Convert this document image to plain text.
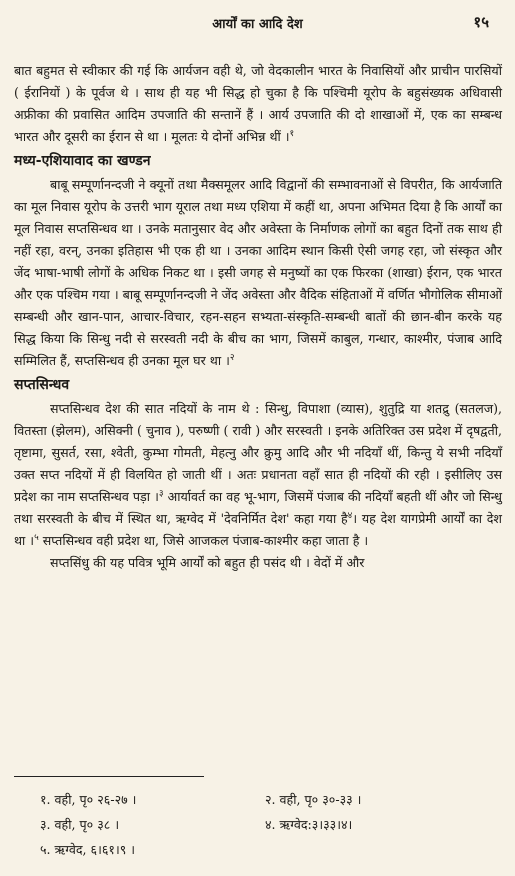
आर्यों का आदि देश	१५

बात बहुमत से स्वीकार की गई कि आर्यजन वही थे, जो वेदकालीन भारत के निवासियों और प्राचीन पारसियों ( ईरानियों ) के पूर्वज थे । साथ ही यह भी सिद्ध हो चुका है कि पश्चिमी यूरोप के बहुसंख्यक अधिवासी अफ्रीका की प्रवासित आदिम उपजाति की सन्तानें हैं । आर्य उपजाति की दो शाखाओं में, एक का सम्बन्ध भारत और दूसरी का ईरान से था । मूलतः ये दोनों अभिन्न थीं ।$^१$

मध्य-एशियावाद का खण्डन

बाबू सम्पूर्णानन्दजी ने क्यूनों तथा मैक्समूलर आदि विद्वानों की सम्भावनाओं से विपरीत, कि आर्यजाति का मूल निवास यूरोप के उत्तरी भाग यूराल तथा मध्य एशिया में कहीं था, अपना अभिमत दिया है कि आर्यों का मूल निवास सप्तसिन्धव था । उनके मतानुसार वेद और अवेस्ता के निर्माणक लोगों का बहुत दिनों तक साथ ही नहीं रहा, वरन्, उनका इतिहास भी एक ही था । उनका आदिम स्थान किसी ऐसी जगह रहा, जो संस्कृत और जेंद भाषा-भाषी लोगों के अधिक निकट था । इसी जगह से मनुष्यों का एक फिरका (शाखा) ईरान, एक भारत और एक पश्चिम गया । बाबू सम्पूर्णानन्दजी ने जेंद अवेस्ता और वैदिक संहिताओं में वर्णित भौगोलिक सीमाओं सम्बन्धी और खान-पान, आचार-विचार, रहन-सहन सभ्यता-संस्कृति-सम्बन्धी बातों की छान-बीन करके यह सिद्ध किया कि सिन्धु नदी से सरस्वती नदी के बीच का भाग, जिसमें काबुल, गन्धार, काश्मीर, पंजाब आदि सम्मिलित हैं, सप्तसिन्धव ही उनका मूल घर था ।$^२$

सप्तसिन्धव

सप्तसिन्धव देश की सात नदियों के नाम थे : सिन्धु, विपाशा (व्यास), शुतुद्रि या शतद्रु (सतलज), वितस्ता (झेलम), असिक्नी ( चुनाव ), परुष्णी ( रावी ) और सरस्वती । इनके अतिरिक्त उस प्रदेश में दृषद्वती, तृष्टामा, सुसर्त, रसा, श्वेती, कुम्भा गोमती, मेहत्नु और क्रुमु आदि और भी नदियाँ थीं, किन्तु ये सभी नदियाँ उक्त सप्त नदियों में ही विलयित हो जाती थीं । अतः प्रधानता वहाँ सात ही नदियों की रही । इसीलिए उस प्रदेश का नाम सप्तसिन्धव पड़ा ।$^३$ आर्यावर्त का वह भू-भाग, जिसमें पंजाब की नदियाँ बहती थीं और जो सिन्धु तथा सरस्वती के बीच में स्थित था, ऋग्वेद में 'देवनिर्मित देश' कहा गया है$^४$। यह देश यागप्रेमी आर्यों का देश था ।$^५$ सप्तसिन्धव वही प्रदेश था, जिसे आजकल पंजाब-काश्मीर कहा जाता है ।

सप्तसिंधु की यह पवित्र भूमि आर्यों को बहुत ही पसंद थी । वेदों में और

१. वही, पृ० २६-२७ ।	२. वही, पृ० ३०-३३ ।
३. वही, पृ० ३८ ।	४. ऋग्वेद:३।३३।४।
५. ऋग्वेद, ६।६१।९ ।
